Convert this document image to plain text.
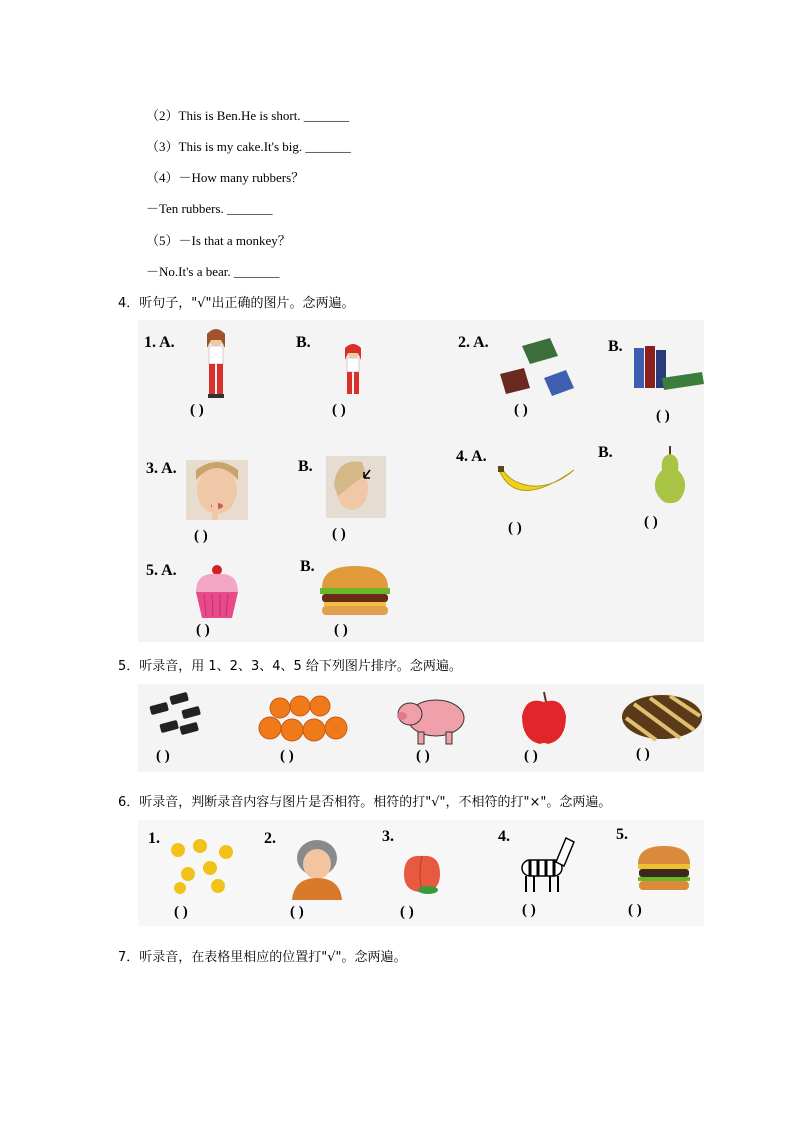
（2）This is Ben.He is short. _______
（3）This is my cake.It's big. _______
（4）－How many rubbers？
－Ten rubbers. _______
（5）－Is that a monkey？
－No.It's a bear. _______
4．听句子，"√"出正确的图片。念两遍。
1. A.
( )
B.
( )
2. A.
( )
B.
( )
3. A.
( )
B.
( )
4. A.
( )
B.
( )
5. A.
( )
B.
( )
5．听录音，用 1、2、3、4、5 给下列图片排序。念两遍。
( )	( )	( )	( )	( )
6．听录音，判断录音内容与图片是否相符。相符的打"√"，不相符的打"×"。念两遍。
1.
( )
2.
( )
3.
( )
4.
( )
5.
( )
7．听录音，在表格里相应的位置打"√"。念两遍。
